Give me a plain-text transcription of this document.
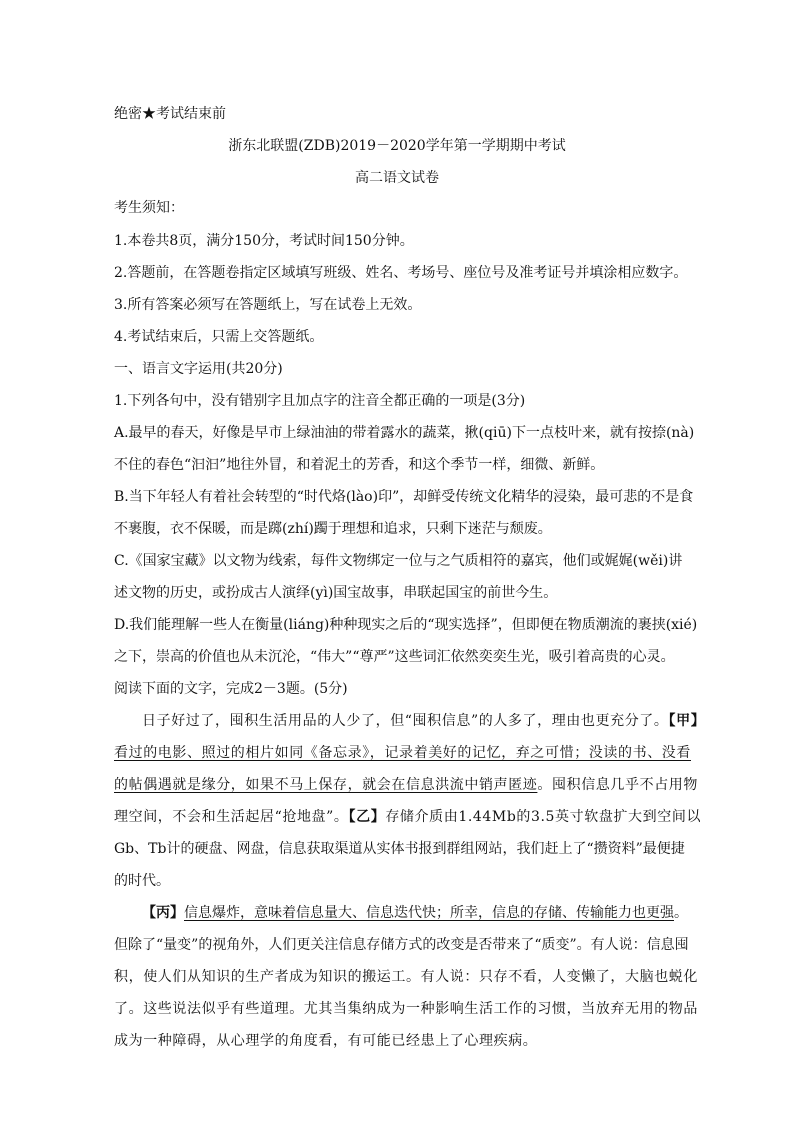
绝密★考试结束前
浙东北联盟(ZDB)2019－2020学年第一学期期中考试
高二语文试卷
考生须知：
1.本卷共8页，满分150分，考试时间150分钟。
2.答题前，在答题卷指定区域填写班级、姓名、考场号、座位号及准考证号并填涂相应数字。
3.所有答案必须写在答题纸上，写在试卷上无效。
4.考试结束后，只需上交答题纸。
一、语言文字运用(共20分)
1.下列各句中，没有错别字且加点字的注音全都正确的一项是(3分)
A.最早的春天，好像是早市上绿油油的带着露水的蔬菜，揪(qiū)下一点枝叶来，就有按捺(nà)
不住的春色“汩汩”地往外冒，和着泥土的芳香，和这个季节一样，细微、新鲜。
B.当下年轻人有着社会转型的“时代烙(lào)印”，却鲜受传统文化精华的浸染，最可悲的不是食
不裹腹，衣不保暖，而是踯(zhí)躅于理想和追求，只剩下迷茫与颓废。
C.《国家宝藏》以文物为线索，每件文物绑定一位与之气质相符的嘉宾，他们或娓娓(wěi)讲
述文物的历史，或扮成古人演绎(yì)国宝故事，串联起国宝的前世今生。
D.我们能理解一些人在衡量(liáng)种种现实之后的“现实选择”，但即便在物质潮流的裹挟(xié)
之下，崇高的价值也从未沉沦，“伟大”“尊严”这些词汇依然奕奕生光，吸引着高贵的心灵。
阅读下面的文字，完成2－3题。(5分)
日子好过了，囤积生活用品的人少了，但“囤积信息”的人多了，理由也更充分了。【甲】
看过的电影、照过的相片如同《备忘录》，记录着美好的记忆，弃之可惜；没读的书、没看
的帖偶遇就是缘分，如果不马上保存，就会在信息洪流中销声匿迹。囤积信息几乎不占用物
理空间，不会和生活起居“抢地盘”。【乙】存储介质由1.44Mb的3.5英寸软盘扩大到空间以
Gb、Tb计的硬盘、网盘，信息获取渠道从实体书报到群组网站，我们赶上了“攒资料”最便捷
的时代。
【丙】信息爆炸，意味着信息量大、信息迭代快；所幸，信息的存储、传输能力也更强。
但除了“量变”的视角外，人们更关注信息存储方式的改变是否带来了“质变”。有人说：信息囤
积，使人们从知识的生产者成为知识的搬运工。有人说：只存不看，人变懒了，大脑也蜕化
了。这些说法似乎有些道理。尤其当集纳成为一种影响生活工作的习惯，当放弃无用的物品
成为一种障碍，从心理学的角度看，有可能已经患上了心理疾病。
